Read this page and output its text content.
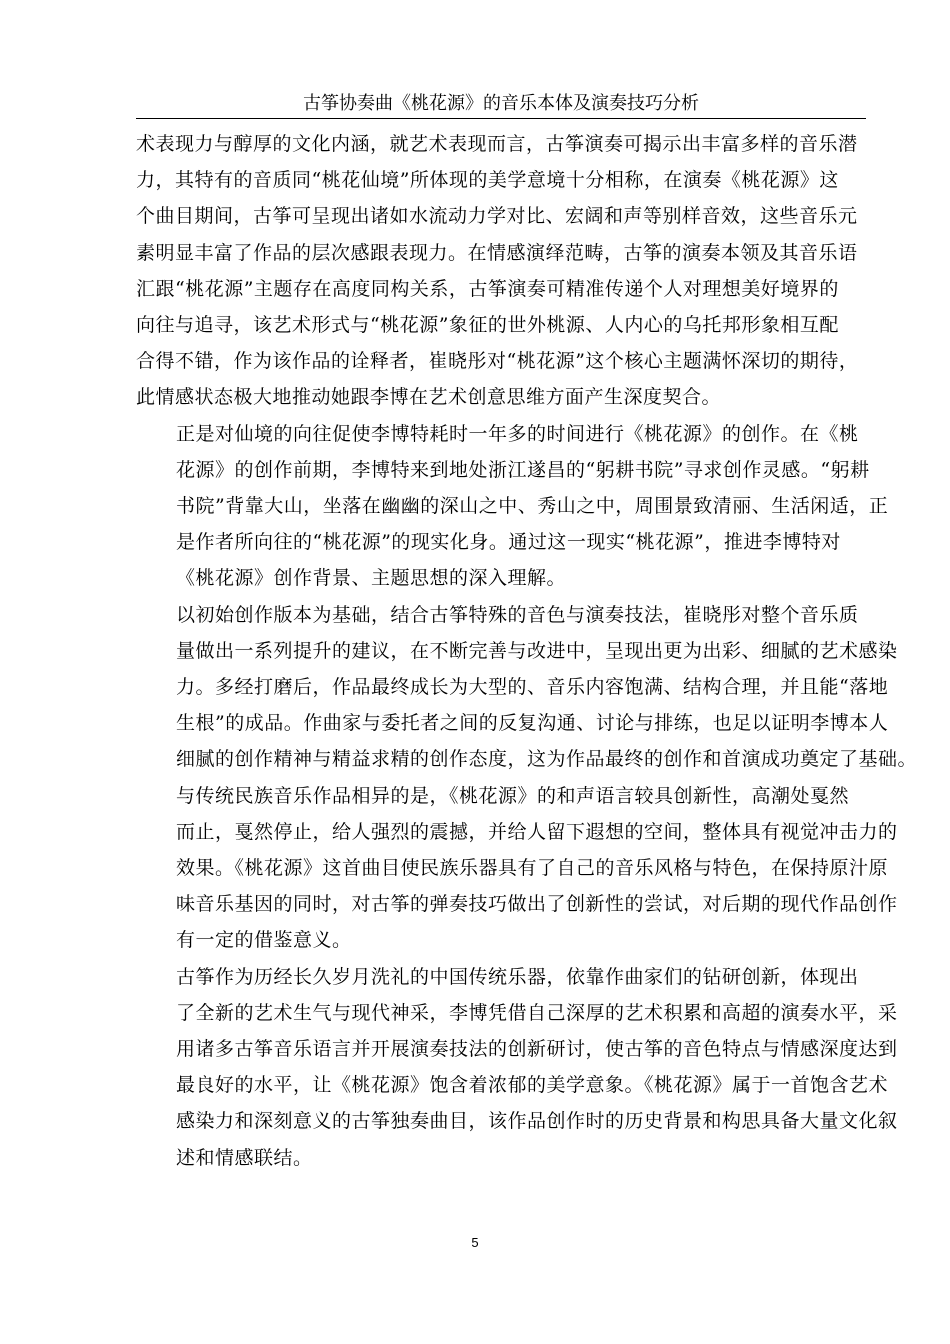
古筝协奏曲《桃花源》的音乐本体及演奏技巧分析

术表现力与醇厚的文化内涵，就艺术表现而言，古筝演奏可揭示出丰富多样的音乐潜
力，其特有的音质同“桃花仙境”所体现的美学意境十分相称，在演奏《桃花源》这
个曲目期间，古筝可呈现出诸如水流动力学对比、宏阔和声等别样音效，这些音乐元
素明显丰富了作品的层次感跟表现力。在情感演绎范畴，古筝的演奏本领及其音乐语
汇跟“桃花源”主题存在高度同构关系，古筝演奏可精准传递个人对理想美好境界的
向往与追寻，该艺术形式与“桃花源”象征的世外桃源、人内心的乌托邦形象相互配
合得不错，作为该作品的诠释者，崔晓彤对“桃花源”这个核心主题满怀深切的期待，
此情感状态极大地推动她跟李博在艺术创意思维方面产生深度契合。

正是对仙境的向往促使李博特耗时一年多的时间进行《桃花源》的创作。在《桃
花源》的创作前期，李博特来到地处浙江遂昌的“躬耕书院”寻求创作灵感。“躬耕
书院”背靠大山，坐落在幽幽的深山之中、秀山之中，周围景致清丽、生活闲适，正
是作者所向往的“桃花源”的现实化身。通过这一现实“桃花源”，推进李博特对
《桃花源》创作背景、主题思想的深入理解。

以初始创作版本为基础，结合古筝特殊的音色与演奏技法，崔晓彤对整个音乐质
量做出一系列提升的建议，在不断完善与改进中，呈现出更为出彩、细腻的艺术感染
力。多经打磨后，作品最终成长为大型的、音乐内容饱满、结构合理，并且能“落地
生根”的成品。作曲家与委托者之间的反复沟通、讨论与排练，也足以证明李博本人
细腻的创作精神与精益求精的创作态度，这为作品最终的创作和首演成功奠定了基础。

与传统民族音乐作品相异的是，《桃花源》的和声语言较具创新性，高潮处戛然
而止，戛然停止，给人强烈的震撼，并给人留下遐想的空间，整体具有视觉冲击力的
效果。《桃花源》这首曲目使民族乐器具有了自己的音乐风格与特色，在保持原汁原
味音乐基因的同时，对古筝的弹奏技巧做出了创新性的尝试，对后期的现代作品创作
有一定的借鉴意义。

古筝作为历经长久岁月洗礼的中国传统乐器，依靠作曲家们的钻研创新，体现出
了全新的艺术生气与现代神采，李博凭借自己深厚的艺术积累和高超的演奏水平，采
用诸多古筝音乐语言并开展演奏技法的创新研讨，使古筝的音色特点与情感深度达到
最良好的水平，让《桃花源》饱含着浓郁的美学意象。《桃花源》属于一首饱含艺术
感染力和深刻意义的古筝独奏曲目，该作品创作时的历史背景和构思具备大量文化叙
述和情感联结。

5
